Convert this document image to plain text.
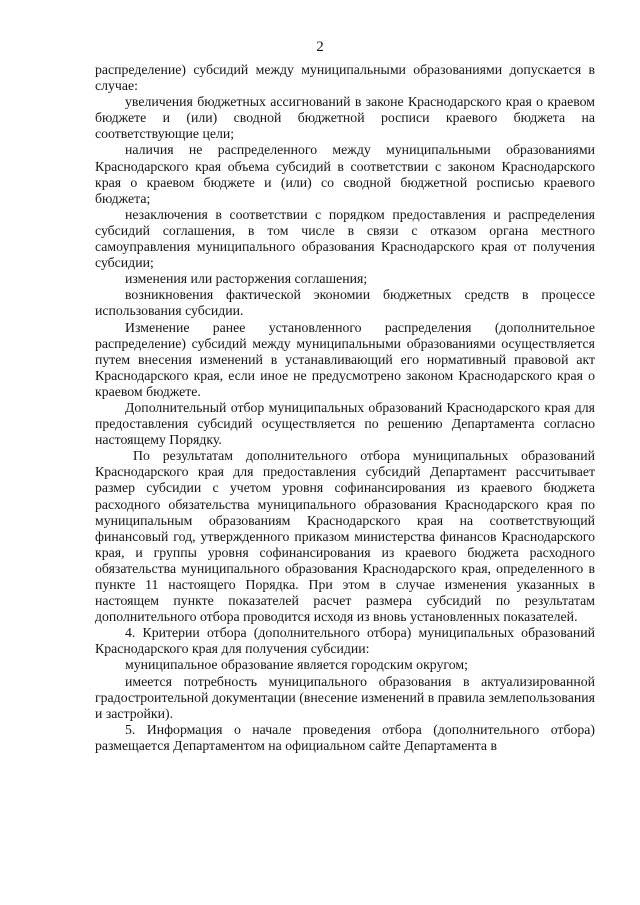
2

распределение) субсидий между муниципальными образованиями допускается в случае:

увеличения бюджетных ассигнований в законе Краснодарского края о краевом бюджете и (или) сводной бюджетной росписи краевого бюджета на соответствующие цели;

наличия не распределенного между муниципальными образованиями Краснодарского края объема субсидий в соответствии с законом Краснодарского края о краевом бюджете и (или) со сводной бюджетной росписью краевого бюджета;

незаключения в соответствии с порядком предоставления и распределения субсидий соглашения, в том числе в связи с отказом органа местного самоуправления муниципального образования Краснодарского края от получения субсидии;

изменения или расторжения соглашения;

возникновения фактической экономии бюджетных средств в процессе использования субсидии.

Изменение ранее установленного распределения (дополнительное распределение) субсидий между муниципальными образованиями осуществляется путем внесения изменений в устанавливающий его нормативный правовой акт Краснодарского края, если иное не предусмотрено законом Краснодарского края о краевом бюджете.

Дополнительный отбор муниципальных образований Краснодарского края для предоставления субсидий осуществляется по решению Департамента согласно настоящему Порядку.

По результатам дополнительного отбора муниципальных образований Краснодарского края для предоставления субсидий Департамент рассчитывает размер субсидии с учетом уровня софинансирования из краевого бюджета расходного обязательства муниципального образования Краснодарского края по муниципальным образованиям Краснодарского края на соответствующий финансовый год, утвержденного приказом министерства финансов Краснодарского края, и группы уровня софинансирования из краевого бюджета расходного обязательства муниципального образования Краснодарского края, определенного в пункте 11 настоящего Порядка. При этом в случае изменения указанных в настоящем пункте показателей расчет размера субсидий по результатам дополнительного отбора проводится исходя из вновь установленных показателей.

4. Критерии отбора (дополнительного отбора) муниципальных образований Краснодарского края для получения субсидии:

муниципальное образование является городским округом;

имеется потребность муниципального образования в актуализированной градостроительной документации (внесение изменений в правила землепользования и застройки).

5. Информация о начале проведения отбора (дополнительного отбора) размещается Департаментом на официальном сайте Департамента в
